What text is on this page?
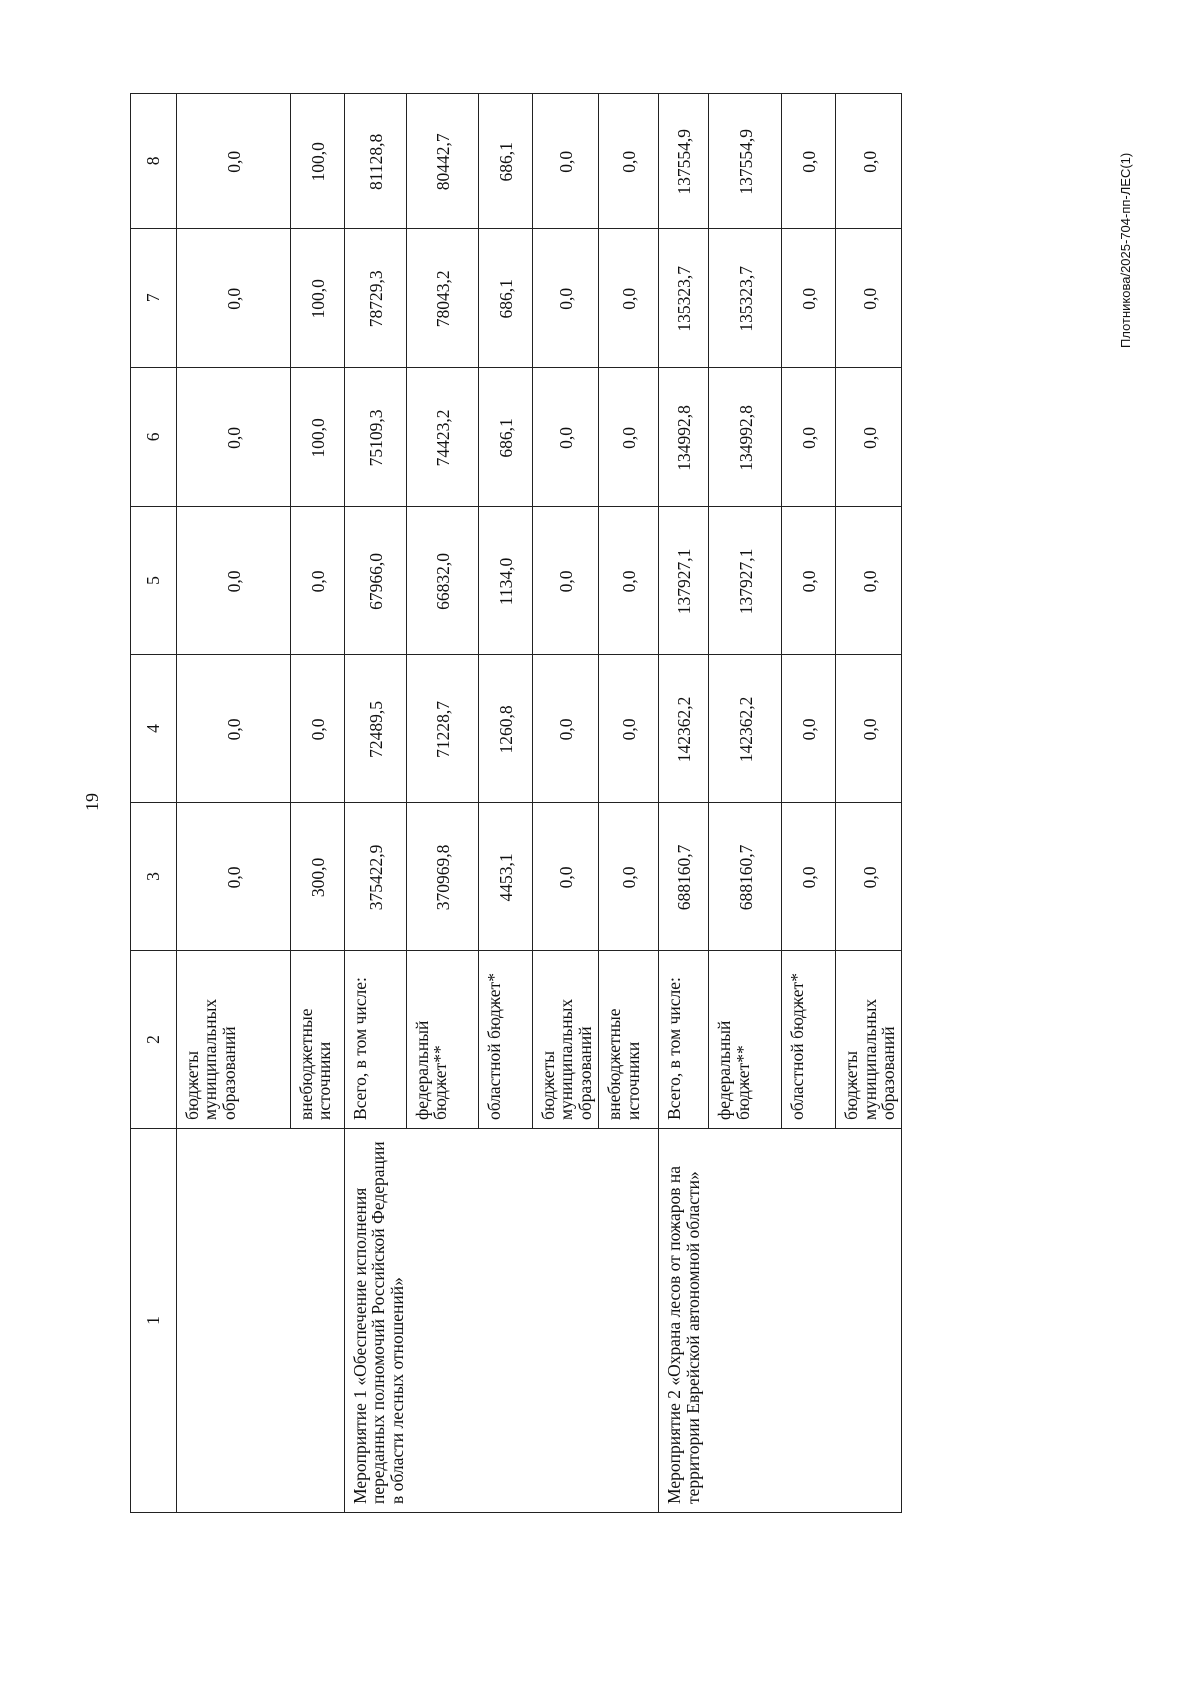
19
Плотникова/2025-704-пп-ЛЕС(1)
1	2	3	4	5	6	7	8
	бюджеты муниципальных образований	0,0	0,0	0,0	0,0	0,0	0,0
	внебюджетные источники	300,0	0,0	0,0	100,0	100,0	100,0
Мероприятие 1 «Обеспечение исполнения переданных полномочий Российской Федерации в области лесных отношений»	Всего, в том числе:	375422,9	72489,5	67966,0	75109,3	78729,3	81128,8
	федеральный бюджет**	370969,8	71228,7	66832,0	74423,2	78043,2	80442,7
	областной бюджет*	4453,1	1260,8	1134,0	686,1	686,1	686,1
	бюджеты муниципальных образований	0,0	0,0	0,0	0,0	0,0	0,0
	внебюджетные источники	0,0	0,0	0,0	0,0	0,0	0,0
Мероприятие 2 «Охрана лесов от пожаров на территории Еврейской автономной области»	Всего, в том числе:	688160,7	142362,2	137927,1	134992,8	135323,7	137554,9
	федеральный бюджет**	688160,7	142362,2	137927,1	134992,8	135323,7	137554,9
	областной бюджет*	0,0	0,0	0,0	0,0	0,0	0,0
	бюджеты муниципальных образований	0,0	0,0	0,0	0,0	0,0	0,0
